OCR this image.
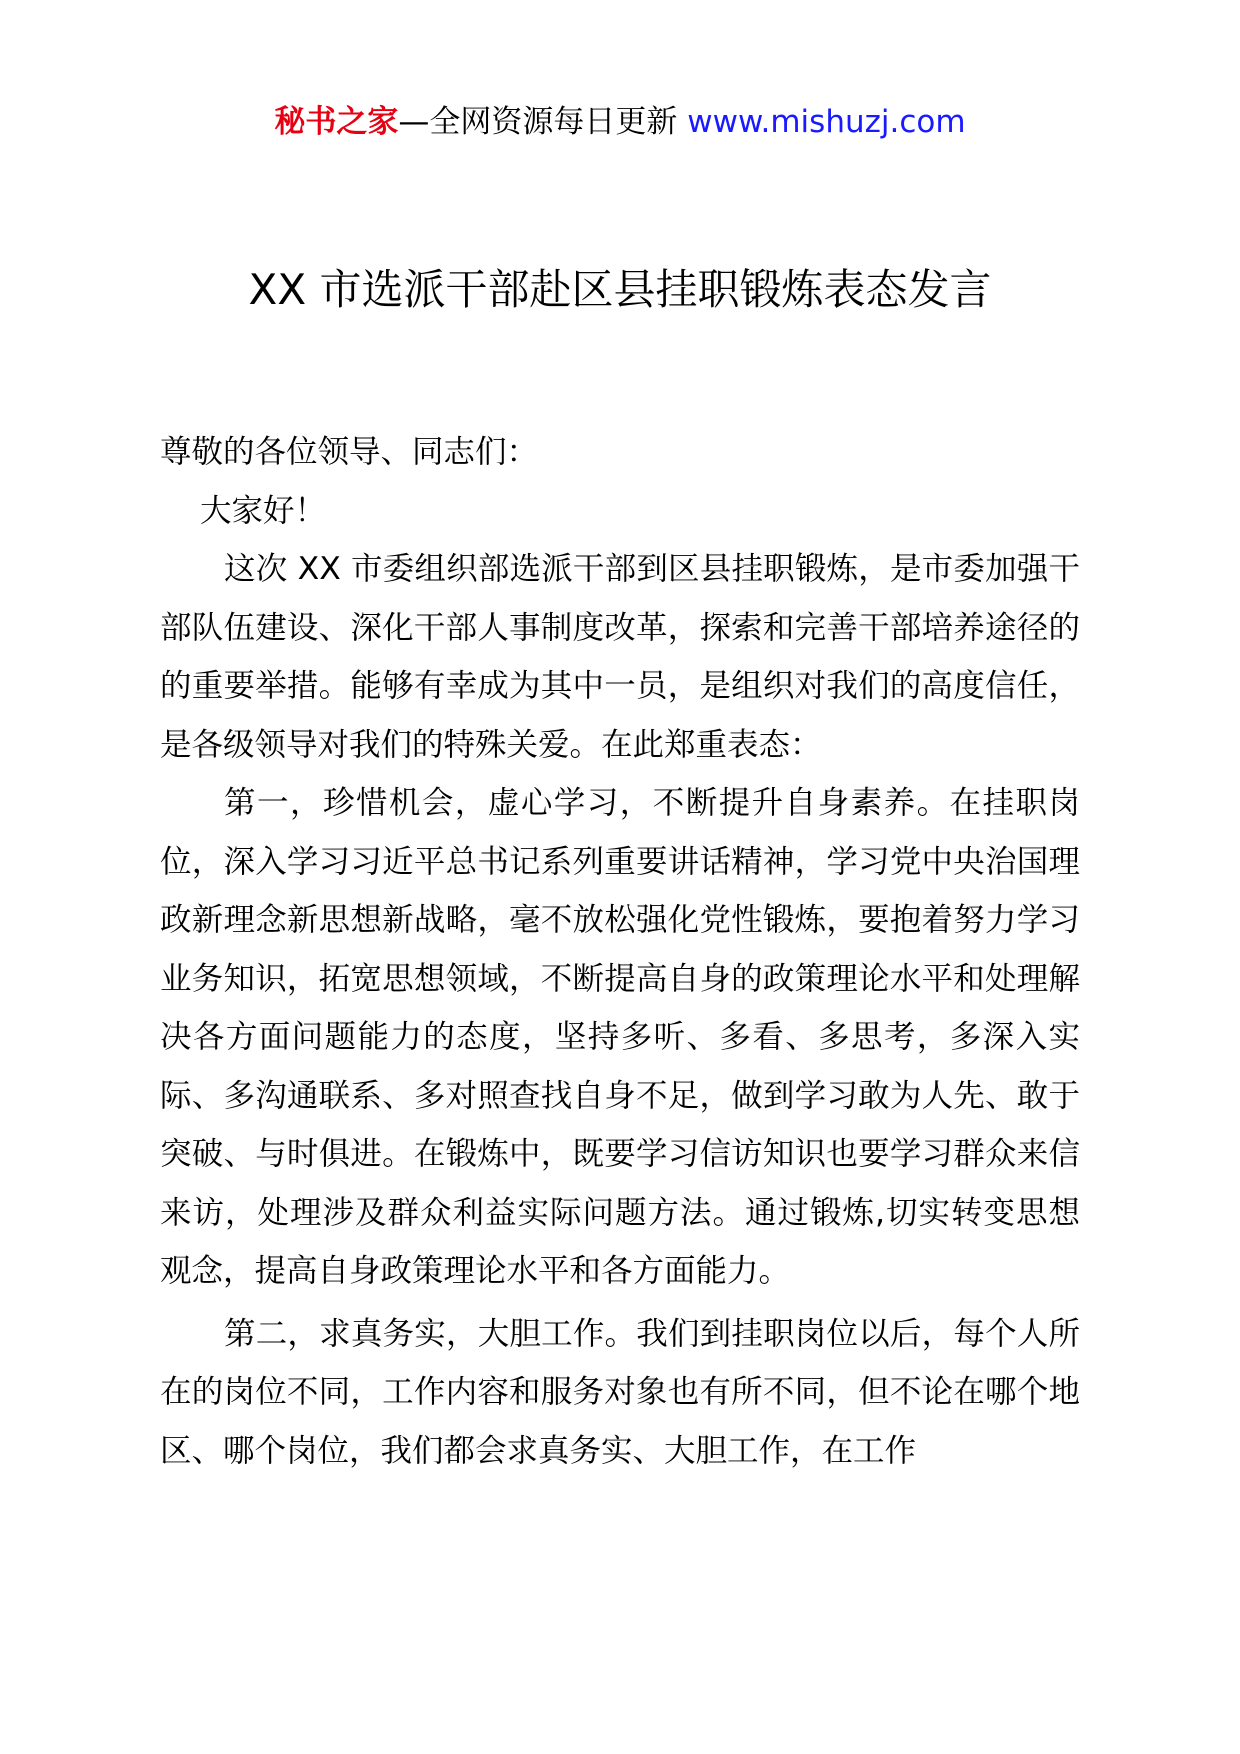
秘书之家—全网资源每日更新 www.mishuzj.com
XX 市选派干部赴区县挂职锻炼表态发言

尊敬的各位领导、同志们：

大家好！

这次 XX 市委组织部选派干部到区县挂职锻炼，是市委加强干部队伍建设、深化干部人事制度改革，探索和完善干部培养途径的的重要举措。能够有幸成为其中一员，是组织对我们的高度信任，是各级领导对我们的特殊关爱。在此郑重表态：

第一，珍惜机会，虚心学习，不断提升自身素养。在挂职岗位，深入学习习近平总书记系列重要讲话精神，学习党中央治国理政新理念新思想新战略，毫不放松强化党性锻炼，要抱着努力学习业务知识，拓宽思想领域，不断提高自身的政策理论水平和处理解决各方面问题能力的态度，坚持多听、多看、多思考，多深入实际、多沟通联系、多对照查找自身不足，做到学习敢为人先、敢于突破、与时俱进。在锻炼中，既要学习信访知识也要学习群众来信来访，处理涉及群众利益实际问题方法。通过锻炼,切实转变思想观念，提高自身政策理论水平和各方面能力。

第二，求真务实，大胆工作。我们到挂职岗位以后，每个人所在的岗位不同，工作内容和服务对象也有所不同，但不论在哪个地区、哪个岗位，我们都会求真务实、大胆工作，在工作
